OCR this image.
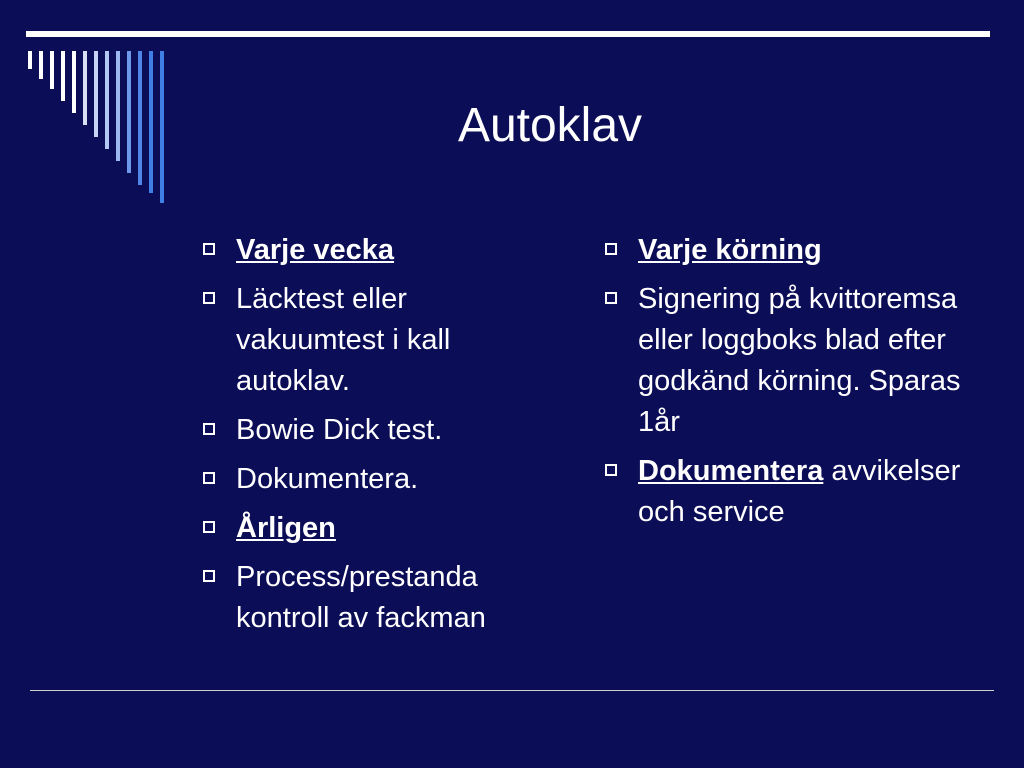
Autoklav
Varje vecka
Läcktest eller vakuumtest i kall autoklav.
Bowie Dick test.
Dokumentera.
Årligen
Process/prestanda kontroll av fackman
Varje körning
Signering på kvittoremsa eller loggboks blad efter godkänd körning. Sparas 1år
Dokumentera avvikelser och service
